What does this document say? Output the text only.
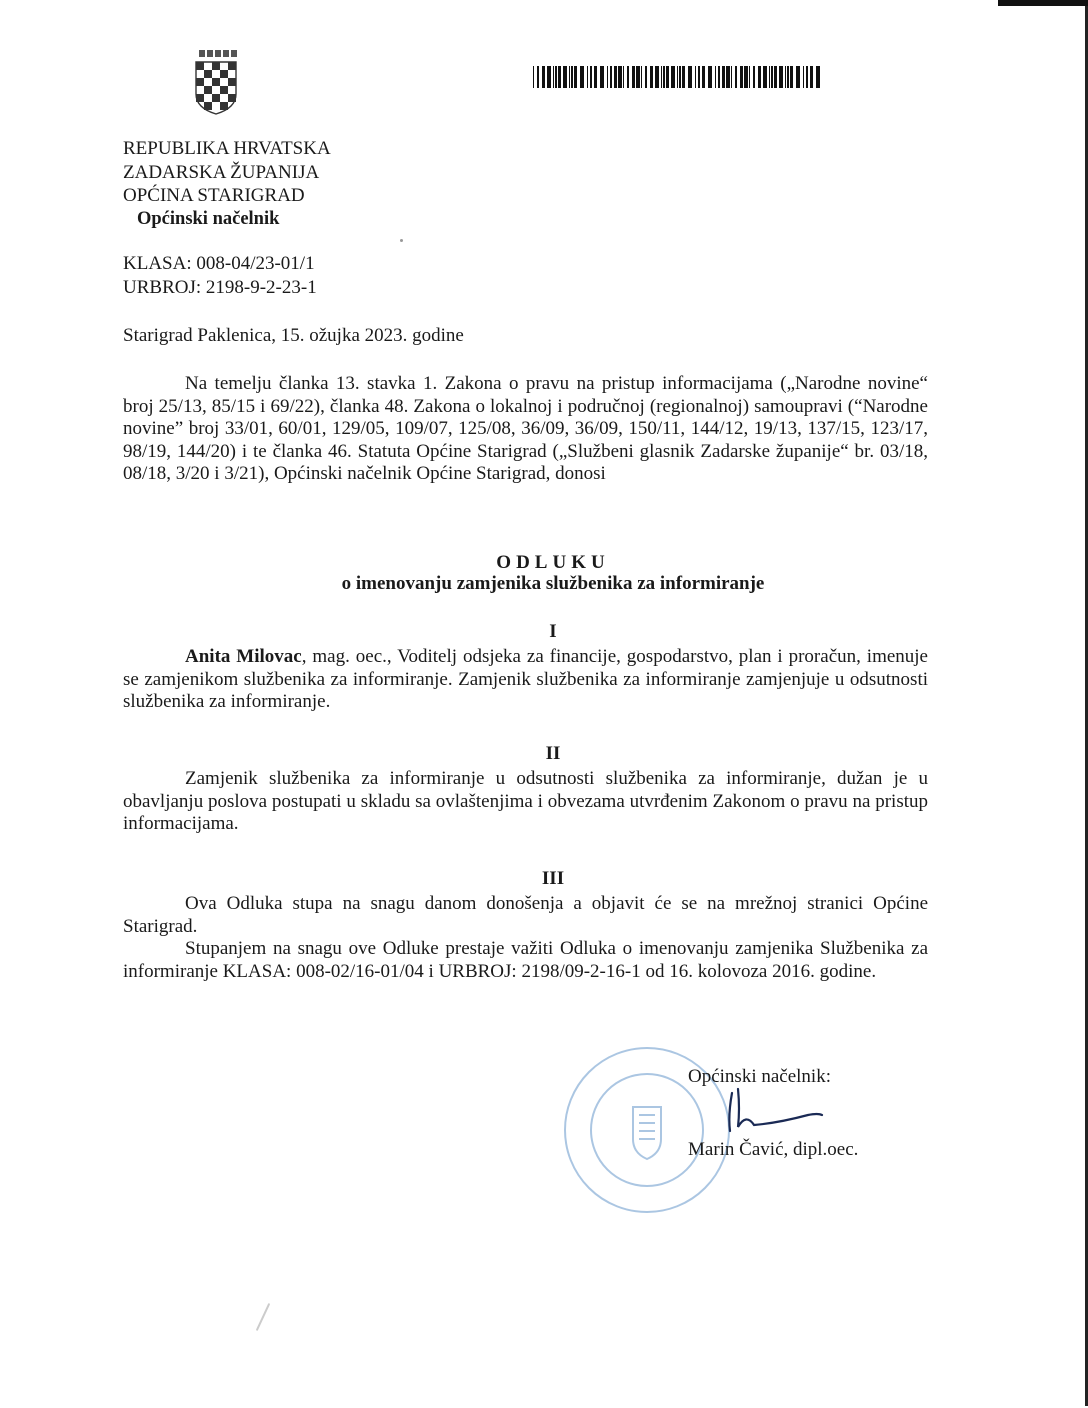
REPUBLIKA HRVATSKA
ZADARSKA ŽUPANIJA
OPĆINA STARIGRAD
Općinski načelnik
KLASA: 008-04/23-01/1
URBROJ: 2198-9-2-23-1
Starigrad Paklenica, 15. ožujka 2023. godine
Na temelju članka 13. stavka 1. Zakona o pravu na pristup informacijama („Narodne novine“ broj 25/13, 85/15 i 69/22), članka 48. Zakona o lokalnoj i područnoj (regionalnoj) samoupravi (“Narodne novine” broj 33/01, 60/01, 129/05, 109/07, 125/08, 36/09, 36/09, 150/11, 144/12, 19/13, 137/15, 123/17, 98/19, 144/20) i te članka 46. Statuta Općine Starigrad („Službeni glasnik Zadarske županije“ br. 03/18, 08/18, 3/20 i 3/21), Općinski načelnik Općine Starigrad, donosi
ODLUKU
o imenovanju zamjenika službenika za informiranje
I
Anita Milovac, mag. oec., Voditelj odsjeka za financije, gospodarstvo, plan i proračun, imenuje se zamjenikom službenika za informiranje. Zamjenik službenika za informiranje zamjenjuje u odsutnosti službenika za informiranje.
II
Zamjenik službenika za informiranje u odsutnosti službenika za informiranje, dužan je u obavljanju poslova postupati u skladu sa ovlaštenjima i obvezama utvrđenim Zakonom o pravu na pristup informacijama.
III
Ova Odluka stupa na snagu danom donošenja a objavit će se na mrežnoj stranici Općine Starigrad.
Stupanjem na snagu ove Odluke prestaje važiti Odluka o imenovanju zamjenika Službenika za informiranje KLASA: 008-02/16-01/04 i URBROJ: 2198/09-2-16-1 od 16. kolovoza 2016. godine.
Općinski načelnik:
Marin Čavić, dipl.oec.
